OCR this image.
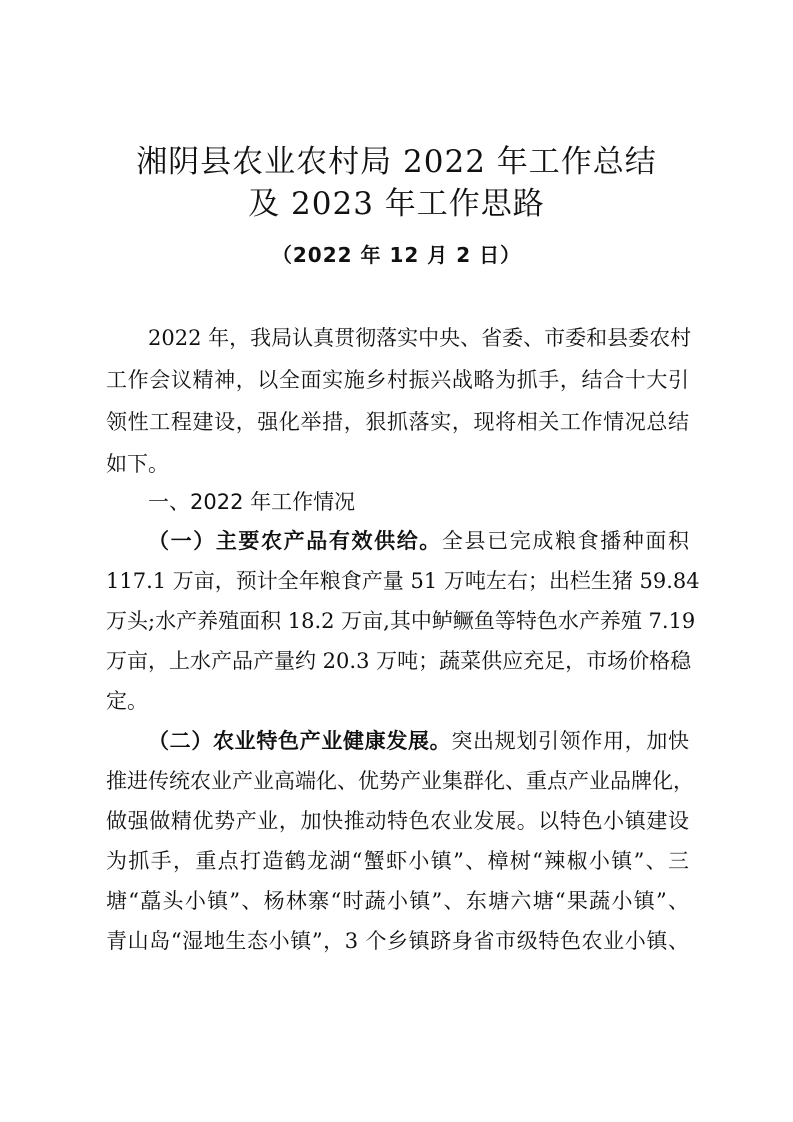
湘阴县农业农村局 2022 年工作总结
及 2023 年工作思路
（2022 年 12 月 2 日）
2022 年，我局认真贯彻落实中央、省委、市委和县委农村
工作会议精神，以全面实施乡村振兴战略为抓手，结合十大引
领性工程建设，强化举措，狠抓落实，现将相关工作情况总结
如下。
一、2022 年工作情况
（一）主要农产品有效供给。全县已完成粮食播种面积
117.1 万亩，预计全年粮食产量 51 万吨左右；出栏生猪 59.84
万头;水产养殖面积 18.2 万亩,其中鲈鳜鱼等特色水产养殖 7.19
万亩，上水产品产量约 20.3 万吨；蔬菜供应充足，市场价格稳
定。
（二）农业特色产业健康发展。突出规划引领作用，加快
推进传统农业产业高端化、优势产业集群化、重点产业品牌化，
做强做精优势产业，加快推动特色农业发展。以特色小镇建设
为抓手，重点打造鹤龙湖“蟹虾小镇”、樟树“辣椒小镇”、三
塘“藠头小镇”、杨林寨“时蔬小镇”、东塘六塘“果蔬小镇”、
青山岛“湿地生态小镇”，3 个乡镇跻身省市级特色农业小镇、
